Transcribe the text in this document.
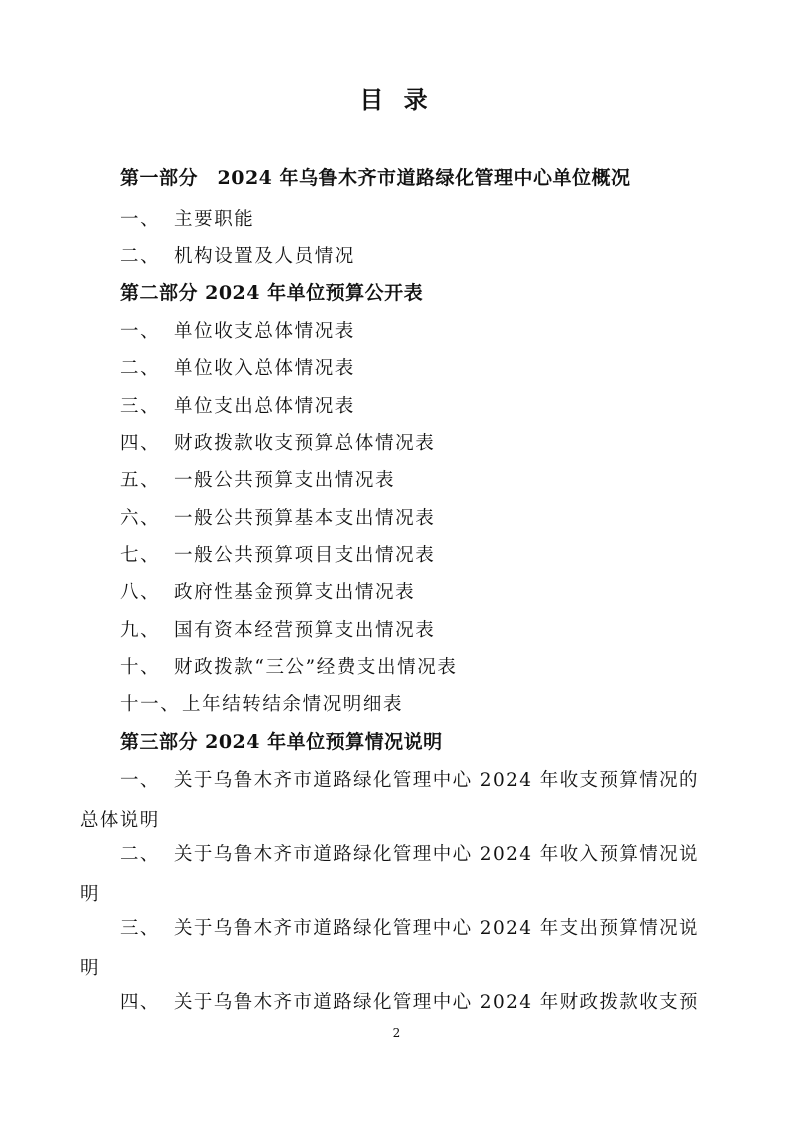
目 录
第一部分　2024 年乌鲁木齐市道路绿化管理中心单位概况
一、 主要职能
二、 机构设置及人员情况
第二部分 2024 年单位预算公开表
一、 单位收支总体情况表
二、 单位收入总体情况表
三、 单位支出总体情况表
四、 财政拨款收支预算总体情况表
五、 一般公共预算支出情况表
六、 一般公共预算基本支出情况表
七、 一般公共预算项目支出情况表
八、 政府性基金预算支出情况表
九、 国有资本经营预算支出情况表
十、 财政拨款“三公”经费支出情况表
十一、上年结转结余情况明细表
第三部分 2024 年单位预算情况说明
一、 关于乌鲁木齐市道路绿化管理中心 2024 年收支预算情况的
总体说明
二、 关于乌鲁木齐市道路绿化管理中心 2024 年收入预算情况说
明
三、 关于乌鲁木齐市道路绿化管理中心 2024 年支出预算情况说
明
四、 关于乌鲁木齐市道路绿化管理中心 2024 年财政拨款收支预
2
